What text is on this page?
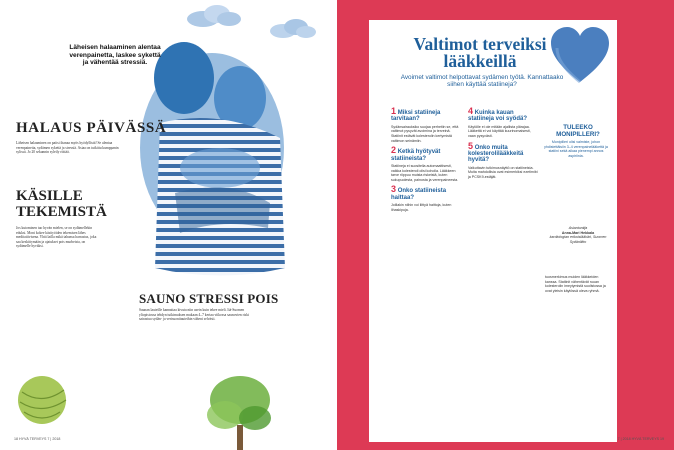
Läheisen halaaminen alentaa verenpainetta, laskee sykettä ja vähentää stressiä.

HALAUS PÄIVÄSSÄ

Läheisen halaaminen on paitsi ihanaa myös hyödyllistä! Se alentaa verenpainetta, sydämen sykettä ja stressiä. Asiaa on tutkittu kumppanin sylissä. Jo 20 sekunnin syleily riittää.

KÄSILLE TEKEMISTÄ

Jos kutominen tuo hyvän mielen, se on sydämellekin eduksi. Moni kokee käsityöiden tekemisen lähes meditatiivisena. Yhtä lailla mikä tahansa harrastus, joka saa keskittymään ja ajatukset pois murheista, on sydämelle hyväksi.

SAUNO STRESSI POIS

Saunan lauteille kannattaa kivuta niin usein kuin tekee mieli. Itä-Suomen yliopistossa tehdyn tutkimuksen mukaan 4–7 kertaa viikossa saunovien riski sairastua sydän- ja verisuonitauteihin väheni selvästi.

18 HYVÄ TERVEYS 7 | 2018

Valtimot terveiksi lääkkeillä

Avoimet valtimot helpottavat sydämen työtä. Kannattaako siihen käyttää statiineja?

1 Miksi statiineja tarvitaan?

Sydänsairauksiko suojaa perhetiin se, että valtimot pysyvät avoimina ja terveinä. Statiinit estävät kolesterolin kertymistä valtimon seinämiin.

2 Ketkä hyötyvät statiineista?

Statiineja ei suositella automaattisesti, vaikka kolesteroli olisi koholla. Lääkkeen tarve riippuu muista riskeistä, kuten sukupuolesta, painosta ja verenpaineesta.

3 Onko statiineista haittaa?

Joillakin niihin voi liittyä haittoja, kuten lihaskipuja.

4 Kuinka kauan statiineja voi syödä?

Käytölle ei ole mitään ajallista ylärajaa. Lääkettä ei voi käyttää kuurinomaisesti, vaan pysyvästi.

5 Onko muita kolesterolilääkkeitä hyvitä?

Vaikuttavin tutkimusnäyttö on statiineista. Muita mahdollisia ovat esimerkiksi ezetimibi ja PCSK9-estäjät.

tuosmerkimus muiden lääkkeiden kanssa. Statiinit vähentävät ruuan kolesterolin imeytymistä suolistossa ja ovat yleisin käytössä oleva ryhmä.

TULEEKO MONIPILLERI?

Monipilleri olisi valmiste, johon yhdistettäisiin 3–4 verenpainelääkettä ja statiini sekä aikaa pienempi annos aspiriinia.

Asiantuntija
Anna-Mari Hekkala
kardiologian erikoislääkäri, Suomen Sydänliitto

7 | 2018 HYVÄ TERVEYS 19
